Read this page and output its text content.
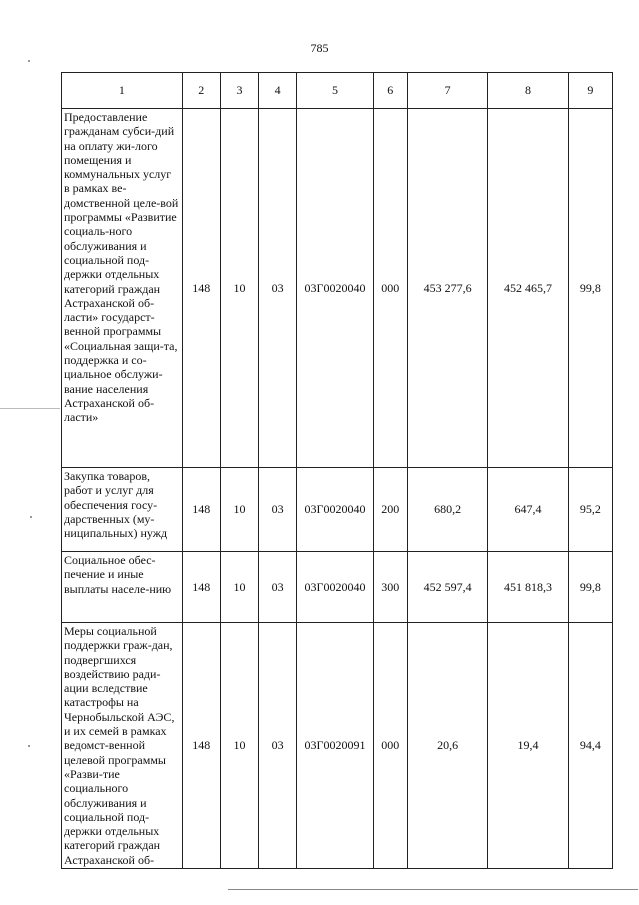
785
1	2	3	4	5	6	7	8	9
Предоставление гражданам субси-дий на оплату жи-лого помещения и коммунальных услуг в рамках ве-домственной целе-вой программы «Развитие социаль-ного обслуживания и социальной под-держки отдельных категорий граждан Астраханской об-ласти» государст-венной программы «Социальная защи-та, поддержка и со-циальное обслужи-вание населения Астраханской об-ласти»	148	10	03	03Г0020040	000	453 277,6	452 465,7	99,8
Закупка товаров, работ и услуг для обеспечения госу-дарственных (му-ниципальных) нужд	148	10	03	03Г0020040	200	680,2	647,4	95,2
Социальное обес-печение и иные выплаты населе-нию	148	10	03	03Г0020040	300	452 597,4	451 818,3	99,8
Меры социальной поддержки граж-дан, подвергшихся воздействию ради-ации вследствие катастрофы на Чернобыльской АЭС, и их семей в рамках ведомст-венной целевой программы «Разви-тие социального обслуживания и социальной под-держки отдельных категорий граждан Астраханской об-	148	10	03	03Г0020091	000	20,6	19,4	94,4
